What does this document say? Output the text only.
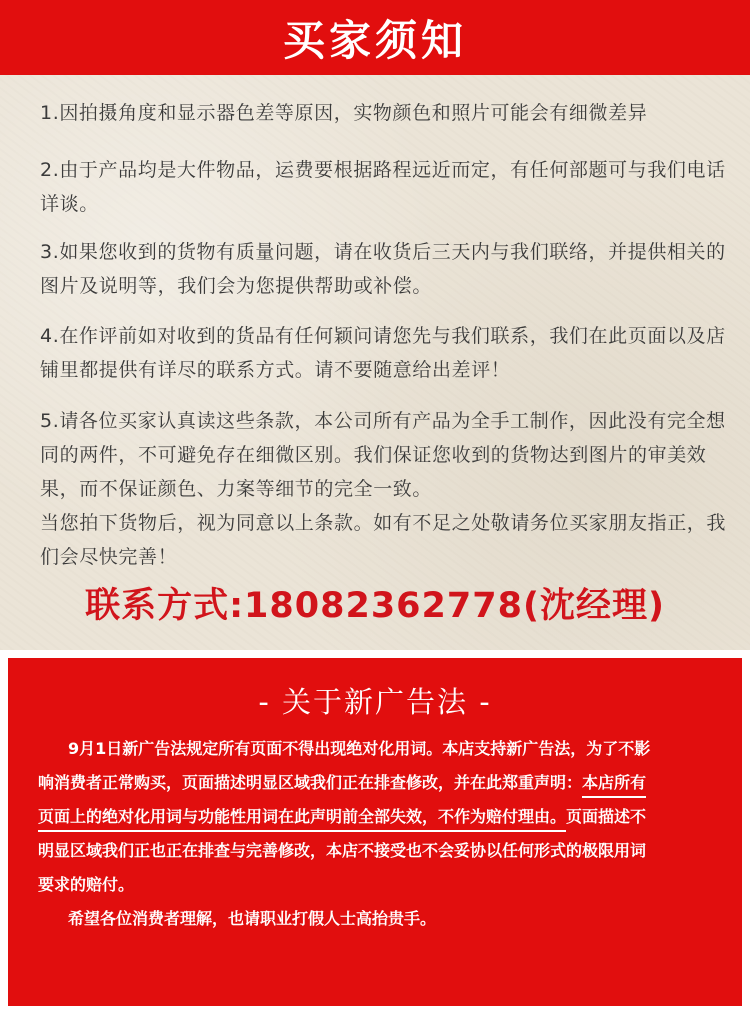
买家须知

1.因拍摄角度和显示器色差等原因，实物颜色和照片可能会有细微差异

2.由于产品均是大件物品，运费要根据路程远近而定，有任何部题可与我们电话详谈。

3.如果您收到的货物有质量问题，请在收货后三天内与我们联络，并提供相关的图片及说明等，我们会为您提供帮助或补偿。

4.在作评前如对收到的货品有任何颖问请您先与我们联系，我们在此页面以及店铺里都提供有详尽的联系方式。请不要随意给出差评！

5.请各位买家认真读这些条款，本公司所有产品为全手工制作，因此没有完全想同的两件，不可避免存在细微区别。我们保证您收到的货物达到图片的审美效果，而不保证颜色、力案等细节的完全一致。

当您拍下货物后，视为同意以上条款。如有不足之处敬请务位买家朋友指正，我们会尽快完善！

联系方式:18082362778(沈经理)
- 关于新广告法 -
9月1日新广告法规定所有页面不得出现绝对化用词。本店支持新广告法，为了不影
响消费者正常购买，页面描述明显区域我们正在排查修改，并在此郑重声明：本店所有
页面上的绝对化用词与功能性用词在此声明前全部失效，不作为赔付理由。页面描述不
明显区域我们正也正在排查与完善修改，本店不接受也不会妥协以任何形式的极限用词
要求的赔付。
希望各位消费者理解，也请职业打假人士高抬贵手。
